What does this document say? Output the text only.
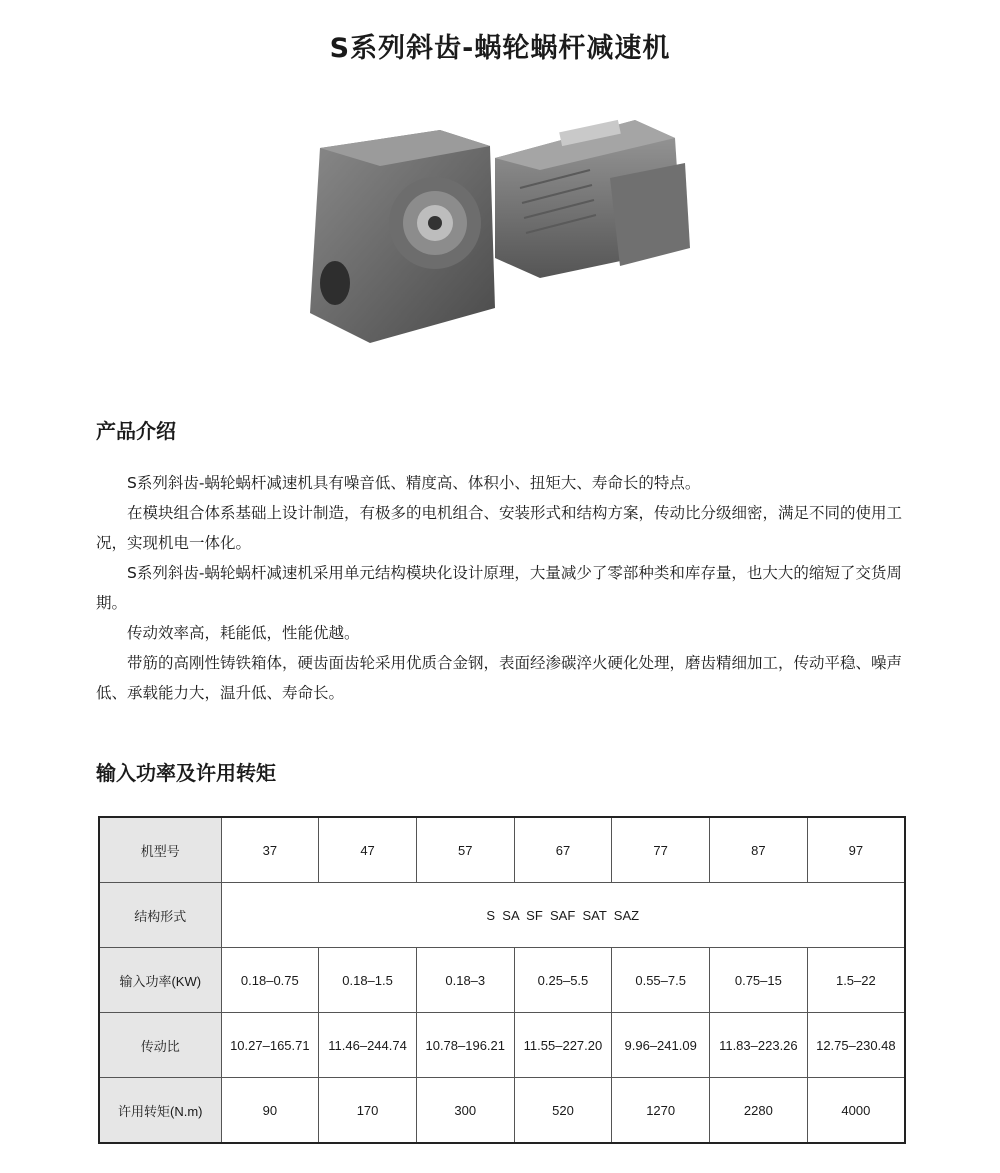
S系列斜齿-蜗轮蜗杆减速机
产品介绍

S系列斜齿-蜗轮蜗杆减速机具有噪音低、精度高、体积小、扭矩大、寿命长的特点。

在模块组合体系基础上设计制造，有极多的电机组合、安装形式和结构方案，传动比分级细密，满足不同的使用工况，实现机电一体化。

S系列斜齿-蜗轮蜗杆减速机采用单元结构模块化设计原理，大量减少了零部种类和库存量，也大大的缩短了交货周期。

传动效率高，耗能低，性能优越。

带筋的高刚性铸铁箱体，硬齿面齿轮采用优质合金钢，表面经渗碳淬火硬化处理，磨齿精细加工，传动平稳、噪声低、承载能力大，温升低、寿命长。

输入功率及许用转矩
机型号	37	47	57	67	77	87	97
结构形式	S  SA  SF  SAF  SAT  SAZ						
输入功率(KW)	0.18–0.75	0.18–1.5	0.18–3	0.25–5.5	0.55–7.5	0.75–15	1.5–22
传动比	10.27–165.71	11.46–244.74	10.78–196.21	11.55–227.20	9.96–241.09	11.83–223.26	12.75–230.48
许用转矩(N.m)	90	170	300	520	1270	2280	4000
